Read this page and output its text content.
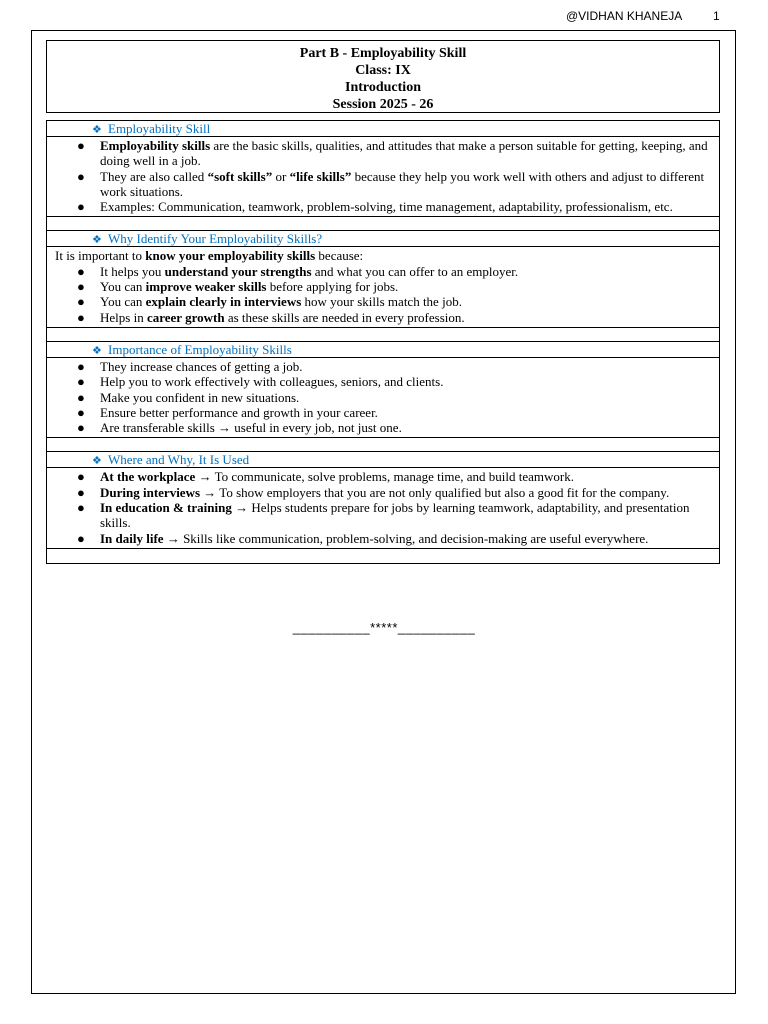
@VIDHAN KHANEJA	1
Part B - Employability Skill
Class: IX
Introduction
Session 2025 - 26
❖ Employability Skill
● Employability skills are the basic skills, qualities, and attitudes that make a person suitable for getting, keeping, and doing well in a job.
● They are also called “soft skills” or “life skills” because they help you work well with others and adjust to different work situations.
● Examples: Communication, teamwork, problem-solving, time management, adaptability, professionalism, etc.
❖ Why Identify Your Employability Skills?

It is important to know your employability skills because:

● It helps you understand your strengths and what you can offer to an employer.
● You can improve weaker skills before applying for jobs.
● You can explain clearly in interviews how your skills match the job.
● Helps in career growth as these skills are needed in every profession.
❖ Importance of Employability Skills
● They increase chances of getting a job.
● Help you to work effectively with colleagues, seniors, and clients.
● Make you confident in new situations.
● Ensure better performance and growth in your career.
● Are transferable skills → useful in every job, not just one.
❖ Where and Why, It Is Used
● At the workplace → To communicate, solve problems, manage time, and build teamwork.
● During interviews → To show employers that you are not only qualified but also a good fit for the company.
● In education & training → Helps students prepare for jobs by learning teamwork, adaptability, and presentation skills.
● In daily life → Skills like communication, problem-solving, and decision-making are useful everywhere.
__________*****__________
